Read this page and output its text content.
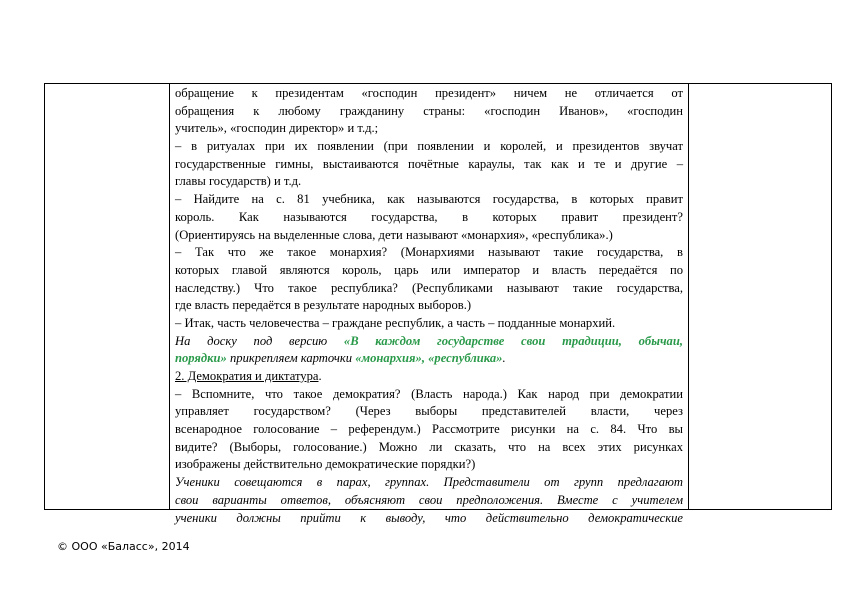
обращение к президентам «господин президент» ничем не отличается от
обращения к любому гражданину страны: «господин Иванов», «господин
учитель», «господин директор» и т.д.;
– в ритуалах при их появлении (при появлении и королей, и президентов звучат
государственные гимны, выстаиваются почётные караулы, так как и те и другие –
главы государств) и т.д.
– Найдите на с. 81 учебника, как называются государства, в которых правит
король. Как называются государства, в которых правит президент?
(Ориентируясь на выделенные слова, дети называют «монархия», «республика».)
– Так что же такое монархия? (Монархиями называют такие государства, в
которых главой являются король, царь или император и власть передаётся по
наследству.) Что такое республика? (Республиками называют такие государства,
где власть передаётся в результате народных выборов.)
– Итак, часть человечества – граждане республик, а часть – подданные монархий.
На доску под версию «В каждом государстве свои традиции, обычаи,
порядки» прикрепляем карточки «монархия», «республика».
2. Демократия и диктатура.
– Вспомните, что такое демократия? (Власть народа.) Как народ при демократии
управляет государством? (Через выборы представителей власти, через
всенародное голосование – референдум.) Рассмотрите рисунки на с. 84. Что вы
видите? (Выборы, голосование.) Можно ли сказать, что на всех этих рисунках
изображены действительно демократические порядки?)
Ученики совещаются в парах, группах. Представители от групп предлагают
свои варианты ответов, объясняют свои предположения. Вместе с учителем
ученики должны прийти к выводу, что действительно демократические

© ООО «Баласс», 2014
